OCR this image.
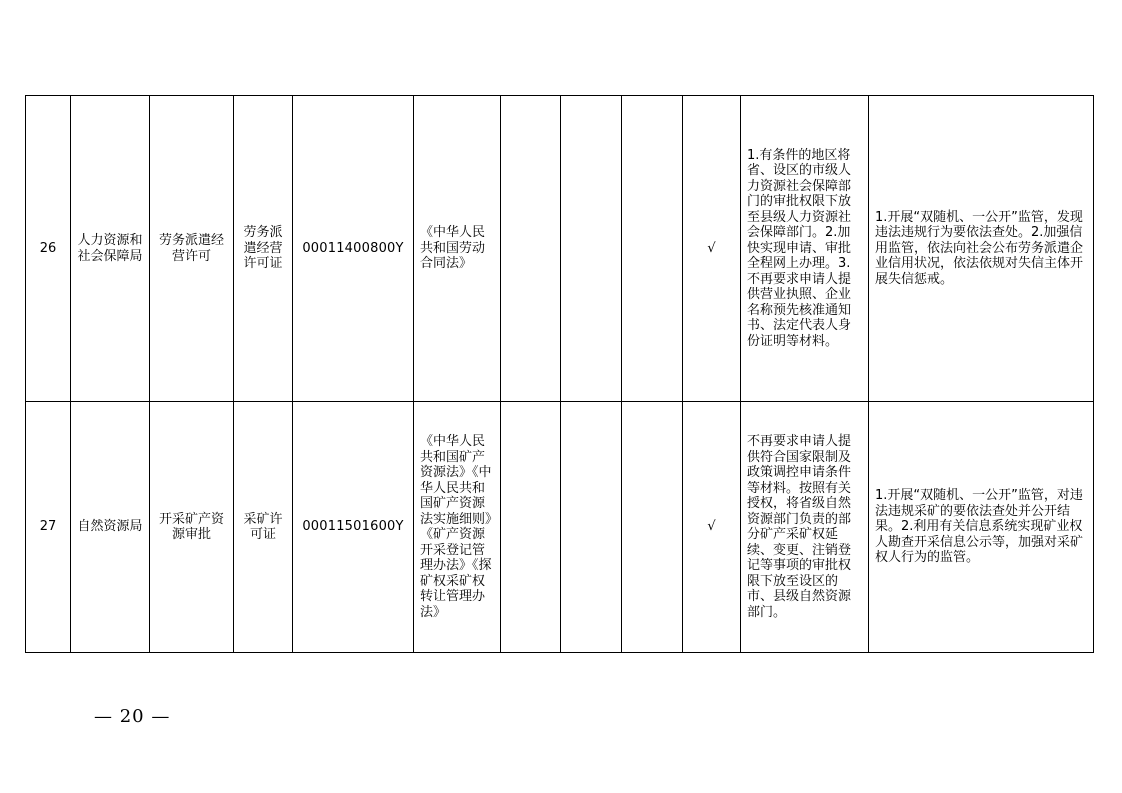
26	人力资源和社会保障局	劳务派遣经营许可	劳务派遣经营许可证	00011400800Y	《中华人民共和国劳动合同法》				√	1.有条件的地区将省、设区的市级人力资源社会保障部门的审批权限下放至县级人力资源社会保障部门。2.加快实现申请、审批全程网上办理。3.不再要求申请人提供营业执照、企业名称预先核准通知书、法定代表人身份证明等材料。	1.开展“双随机、一公开”监管，发现违法违规行为要依法查处。2.加强信用监管，依法向社会公布劳务派遣企业信用状况，依法依规对失信主体开展失信惩戒。
27	自然资源局	开采矿产资源审批	采矿许可证	00011501600Y	《中华人民共和国矿产资源法》《中华人民共和国矿产资源法实施细则》《矿产资源开采登记管理办法》《探矿权采矿权转让管理办法》				√	不再要求申请人提供符合国家限制及政策调控申请条件等材料。按照有关授权，将省级自然资源部门负责的部分矿产采矿权延续、变更、注销登记等事项的审批权限下放至设区的市、县级自然资源部门。	1.开展“双随机、一公开”监管，对违法违规采矿的要依法查处并公开结果。2.利用有关信息系统实现矿业权人勘查开采信息公示等，加强对采矿权人行为的监管。
— 20 —
